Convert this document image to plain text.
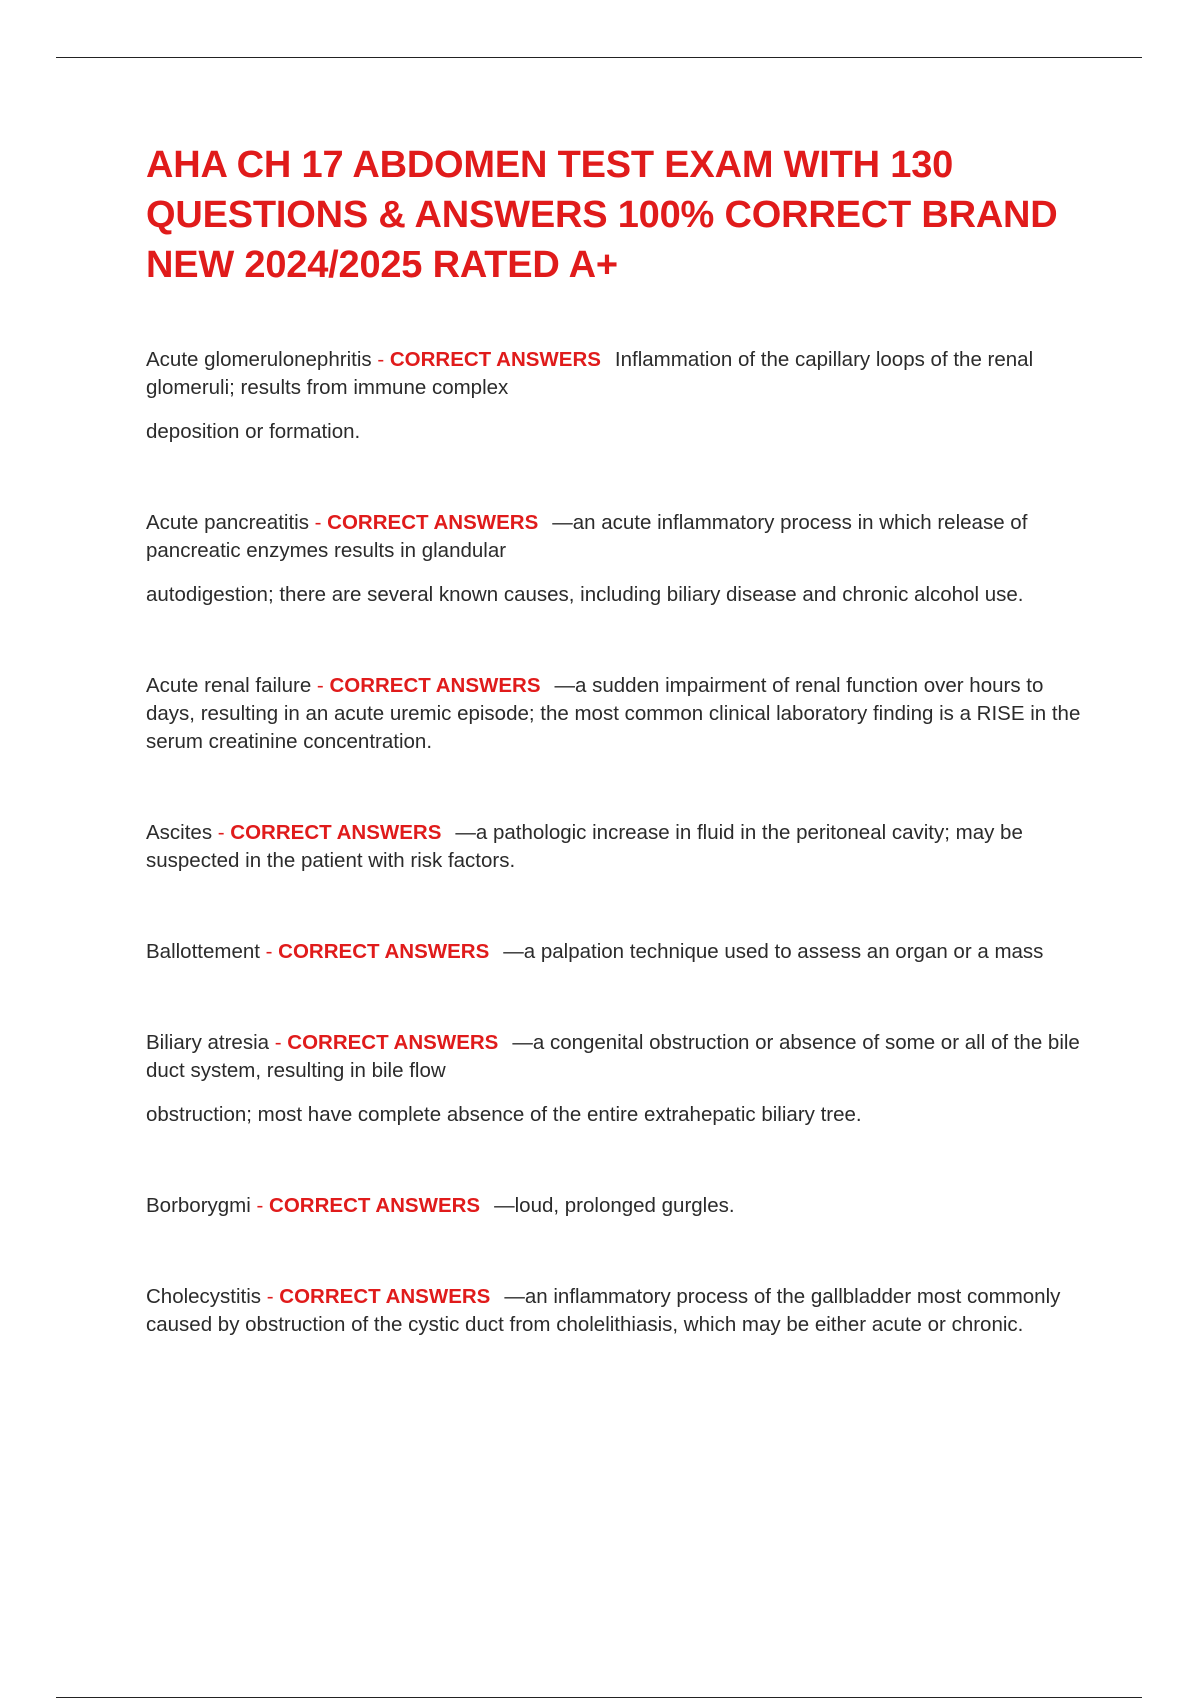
AHA CH 17 ABDOMEN TEST EXAM WITH 130 QUESTIONS & ANSWERS 100% CORRECT BRAND NEW 2024/2025 RATED A+

Acute glomerulonephritis - CORRECT ANSWERS Inflammation of the capillary loops of the renal glomeruli; results from immune complex

deposition or formation.

Acute pancreatitis - CORRECT ANSWERS —an acute inflammatory process in which release of pancreatic enzymes results in glandular

autodigestion; there are several known causes, including biliary disease and chronic alcohol use.

Acute renal failure - CORRECT ANSWERS —a sudden impairment of renal function over hours to days, resulting in an acute uremic episode; the most common clinical laboratory finding is a RISE in the serum creatinine concentration.

Ascites - CORRECT ANSWERS —a pathologic increase in fluid in the peritoneal cavity; may be suspected in the patient with risk factors.

Ballottement - CORRECT ANSWERS —a palpation technique used to assess an organ or a mass

Biliary atresia - CORRECT ANSWERS —a congenital obstruction or absence of some or all of the bile duct system, resulting in bile flow

obstruction; most have complete absence of the entire extrahepatic biliary tree.

Borborygmi - CORRECT ANSWERS —loud, prolonged gurgles.

Cholecystitis - CORRECT ANSWERS —an inflammatory process of the gallbladder most commonly caused by obstruction of the cystic duct from cholelithiasis, which may be either acute or chronic.
